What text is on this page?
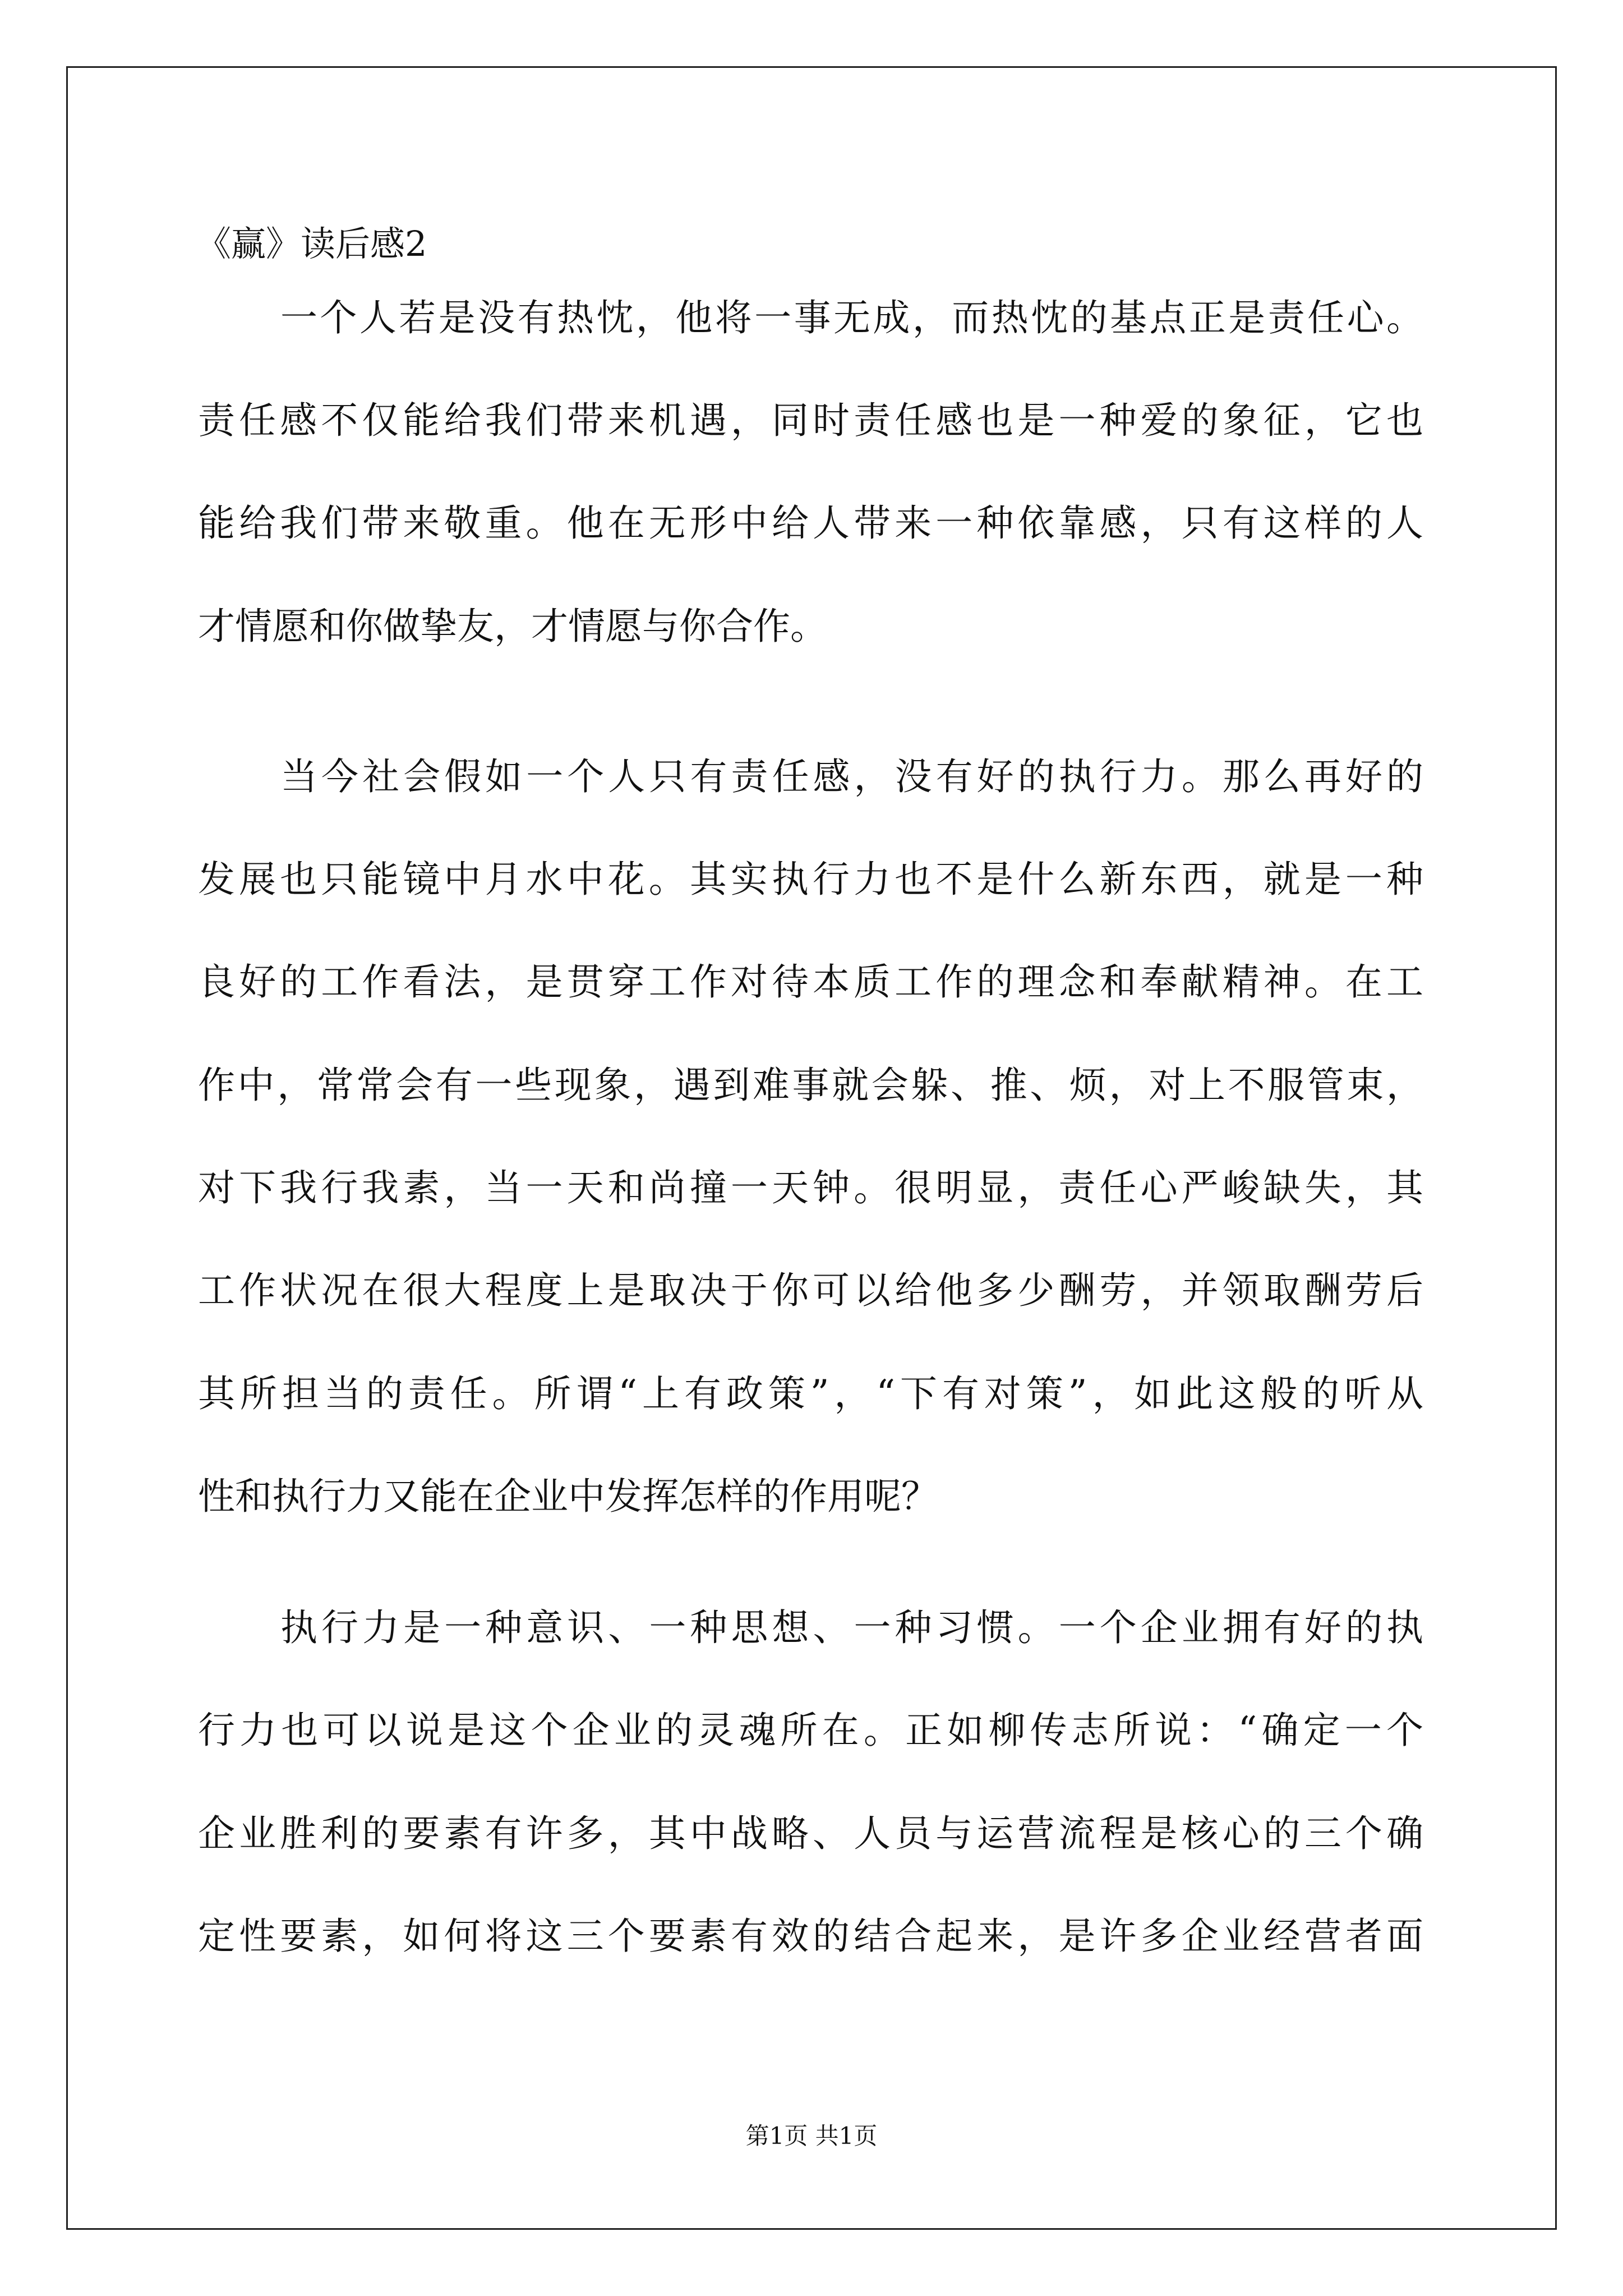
《赢》读后感2
一个人若是没有热忱，他将一事无成，而热忱的基点正是责任心。
责任感不仅能给我们带来机遇，同时责任感也是一种爱的象征，它也
能给我们带来敬重。他在无形中给人带来一种依靠感，只有这样的人
才情愿和你做挚友，才情愿与你合作。
当今社会假如一个人只有责任感，没有好的执行力。那么再好的
发展也只能镜中月水中花。其实执行力也不是什么新东西，就是一种
良好的工作看法，是贯穿工作对待本质工作的理念和奉献精神。在工
作中，常常会有一些现象，遇到难事就会躲、推、烦，对上不服管束，
对下我行我素，当一天和尚撞一天钟。很明显，责任心严峻缺失，其
工作状况在很大程度上是取决于你可以给他多少酬劳，并领取酬劳后
其所担当的责任。所谓“上有政策”，“下有对策”，如此这般的听从
性和执行力又能在企业中发挥怎样的作用呢？
执行力是一种意识、一种思想、一种习惯。一个企业拥有好的执
行力也可以说是这个企业的灵魂所在。正如柳传志所说：“确定一个
企业胜利的要素有许多，其中战略、人员与运营流程是核心的三个确
定性要素，如何将这三个要素有效的结合起来，是许多企业经营者面
第1页 共1页
